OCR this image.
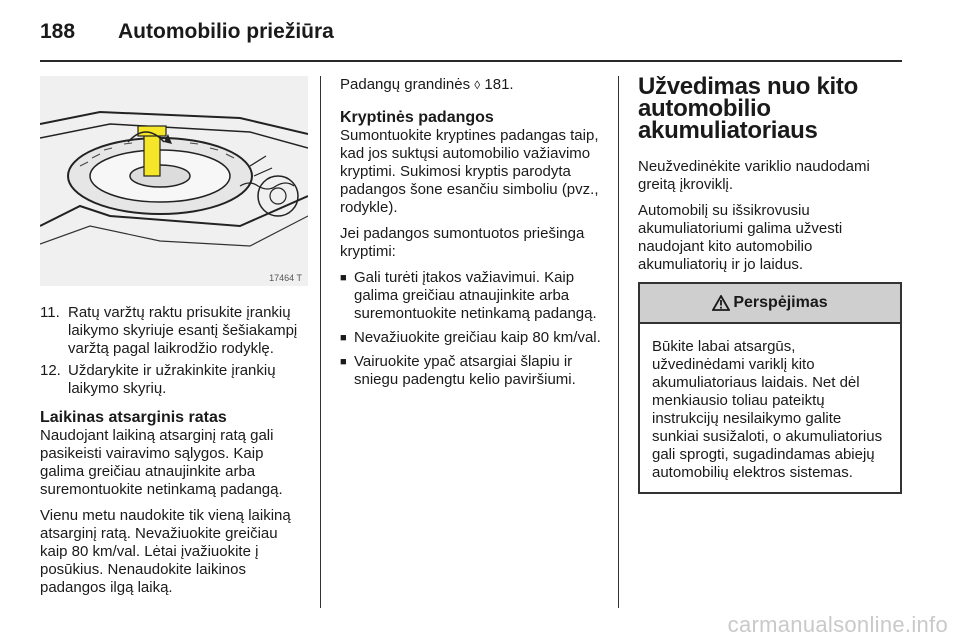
188 Automobilio priežiūra
17464 T
11. Ratų varžtų raktu prisukite įrankių laikymo skyriuje esantį šešiakampį varžtą pagal laikrodžio rodyklę.
12. Uždarykite ir užrakinkite įrankių laikymo skyrių.
Laikinas atsarginis ratas

Naudojant laikiną atsarginį ratą gali pasikeisti vairavimo sąlygos. Kaip galima greičiau atnaujinkite arba suremontuokite netinkamą padangą.

Vienu metu naudokite tik vieną laikiną atsarginį ratą. Nevažiuokite greičiau kaip 80 km/val. Lėtai įvažiuokite į posūkius. Nenaudokite laikinos padangos ilgą laiką.

Padangų grandinės ◊ 181.

Kryptinės padangos

Sumontuokite kryptines padangas taip, kad jos suktųsi automobilio važiavimo kryptimi. Sukimosi kryptis parodyta padangos šone esančiu simboliu (pvz., rodykle).

Jei padangos sumontuotos priešinga kryptimi:

■ Gali turėti įtakos važiavimui. Kaip galima greičiau atnaujinkite arba suremontuokite netinkamą padangą.
■ Nevažiuokite greičiau kaip 80 km/val.
■ Vairuokite ypač atsargiai šlapiu ir sniegu padengtu kelio paviršiumi.
Užvedimas nuo kito automobilio akumuliatoriaus

Neužvedinėkite variklio naudodami greitą įkroviklį.

Automobilį su išsikrovusiu akumuliatoriumi galima užvesti naudojant kito automobilio akumuliatorių ir jo laidus.

Perspėjimas
Būkite labai atsargūs, užvedinėdami variklį kito akumuliatoriaus laidais. Net dėl menkiausio toliau pateiktų instrukcijų nesilaikymo galite sunkiai susižaloti, o akumuliatorius gali sprogti, sugadindamas abiejų automobilių elektros sistemas.
carmanualsonline.info
